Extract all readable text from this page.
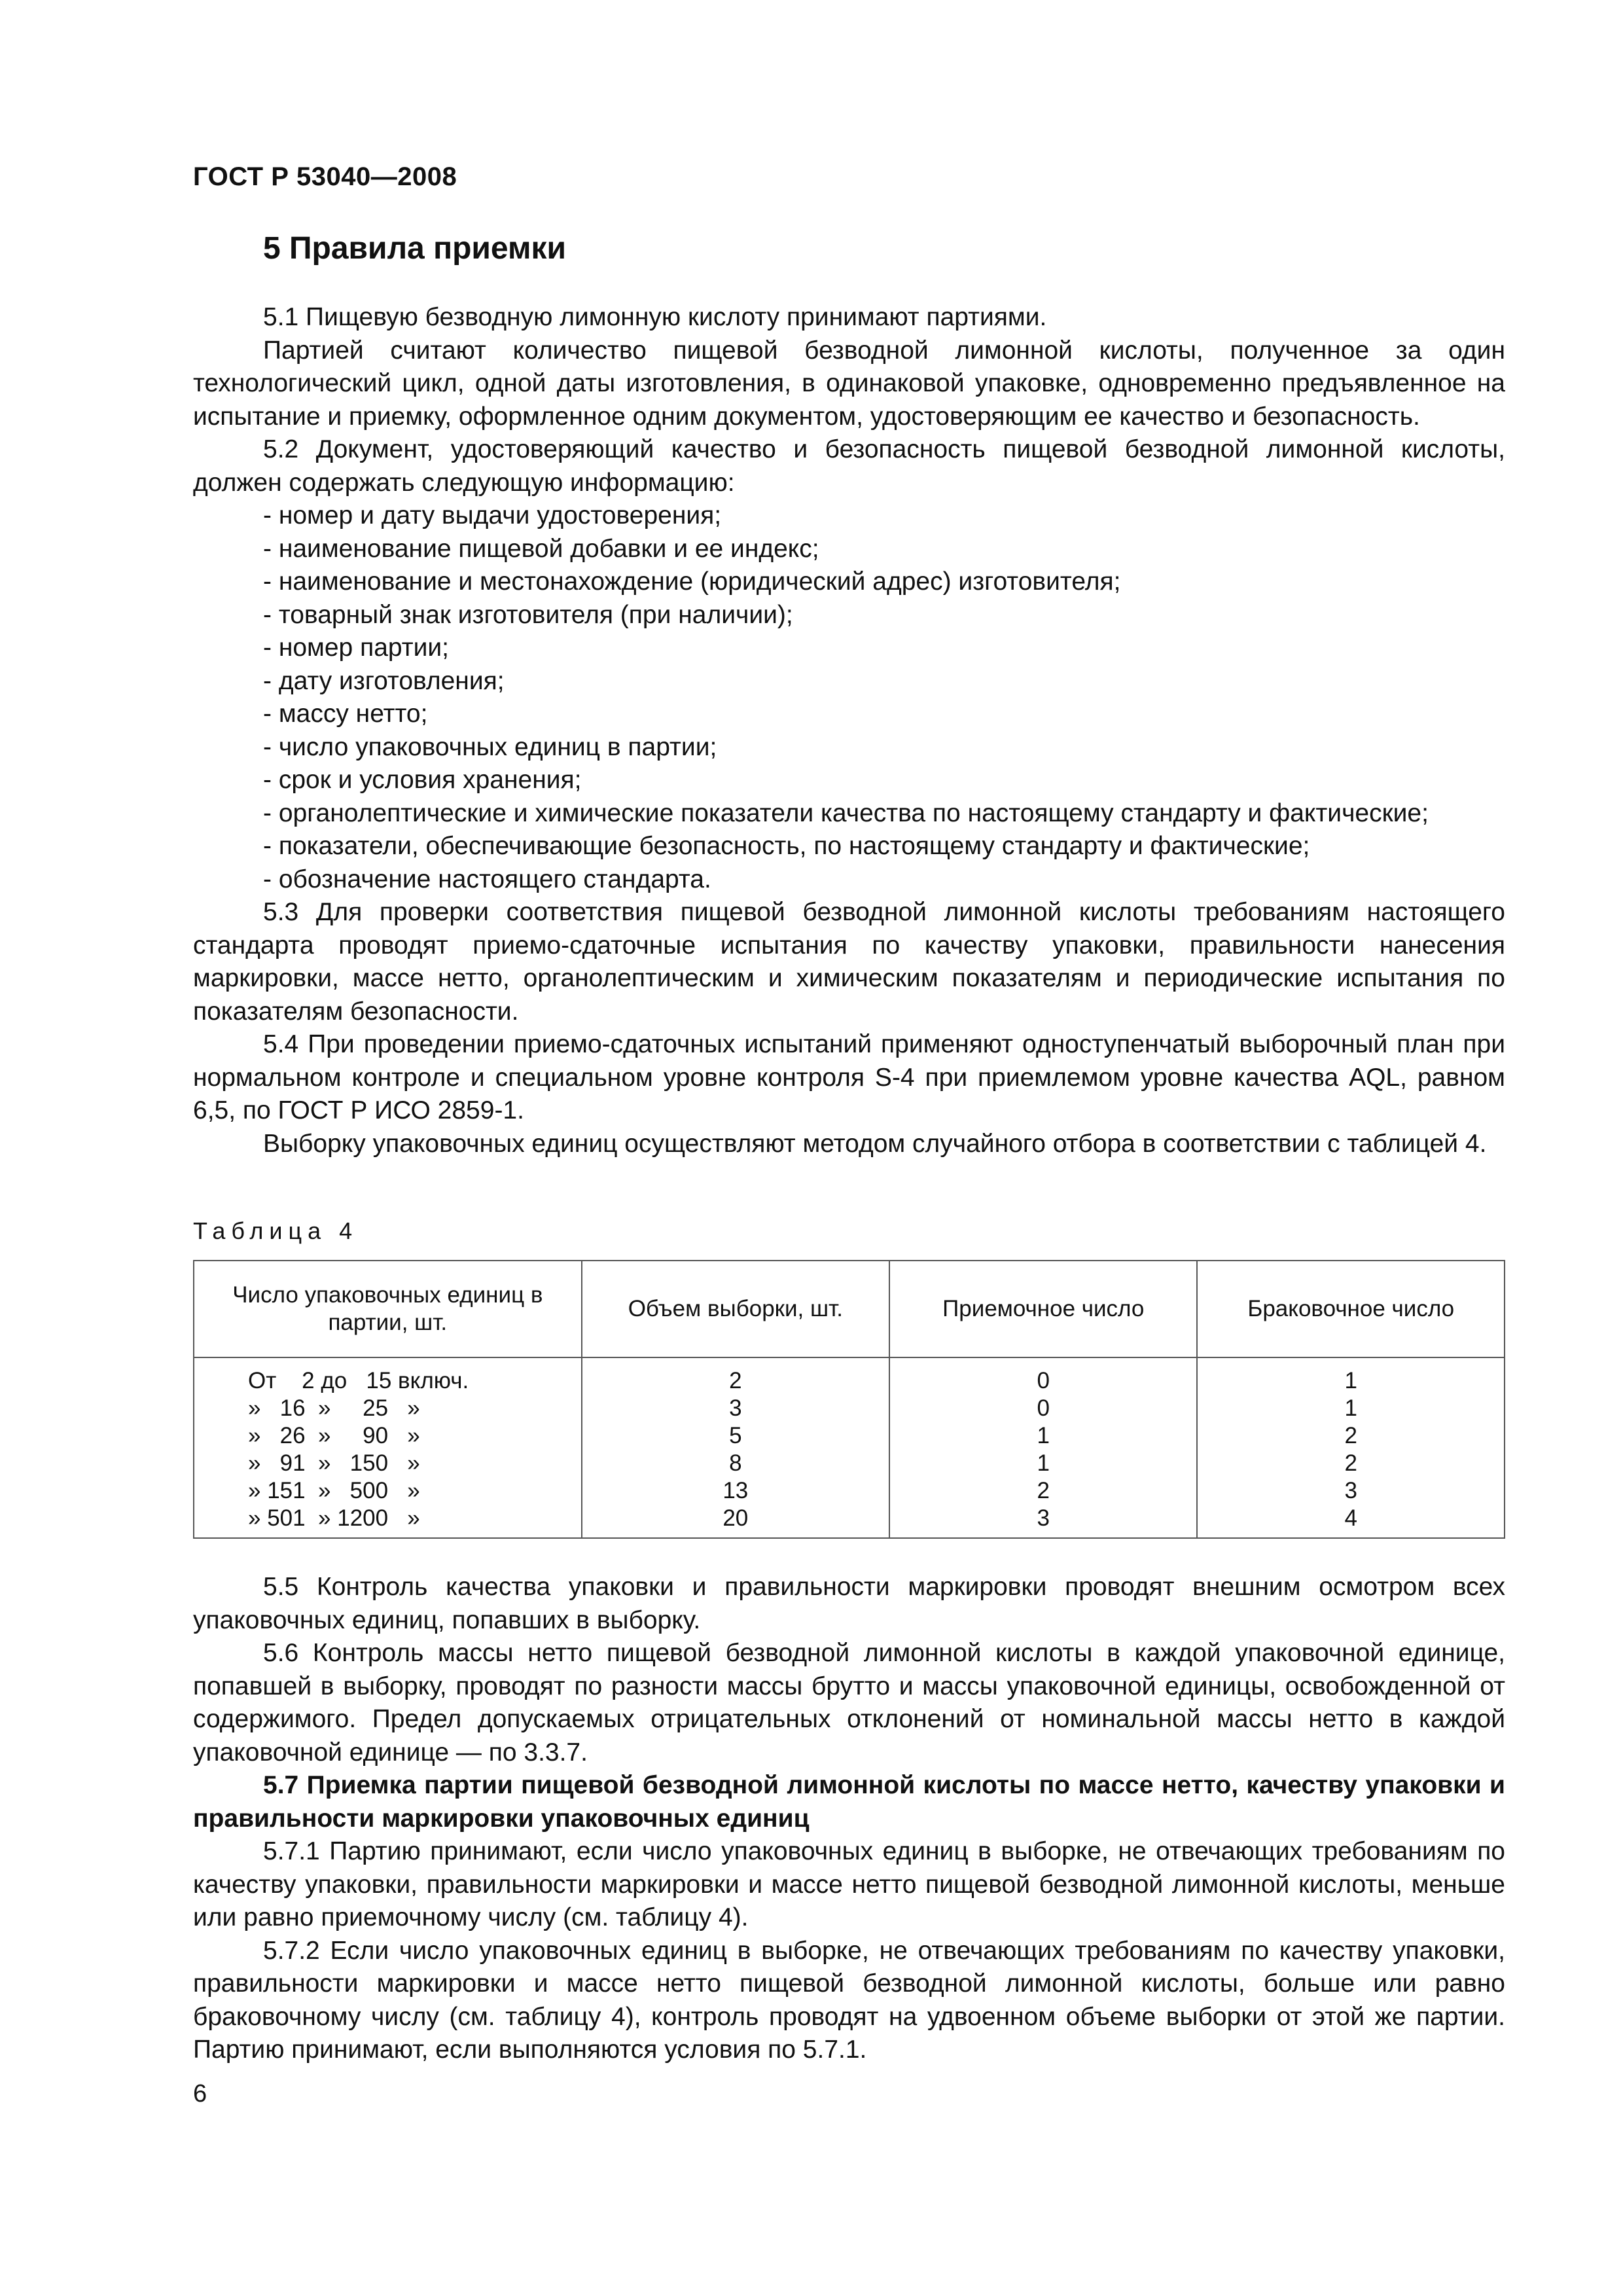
ГОСТ Р 53040—2008
5 Правила приемки

5.1 Пищевую безводную лимонную кислоту принимают партиями.

Партией считают количество пищевой безводной лимонной кислоты, полученное за один технологический цикл, одной даты изготовления, в одинаковой упаковке, одновременно предъявленное на испытание и приемку, оформленное одним документом, удостоверяющим ее качество и безопасность.

5.2 Документ, удостоверяющий качество и безопасность пищевой безводной лимонной кислоты, должен содержать следующую информацию:

- номер и дату выдачи удостоверения;

- наименование пищевой добавки и ее индекс;

- наименование и местонахождение (юридический адрес) изготовителя;

- товарный знак изготовителя (при наличии);

- номер партии;

- дату изготовления;

- массу нетто;

- число упаковочных единиц в партии;

- срок и условия хранения;

- органолептические и химические показатели качества по настоящему стандарту и фактические;

- показатели, обеспечивающие безопасность, по настоящему стандарту и фактические;

- обозначение настоящего стандарта.

5.3 Для проверки соответствия пищевой безводной лимонной кислоты требованиям настоящего стандарта проводят приемо-сдаточные испытания по качеству упаковки, правильности нанесения маркировки, массе нетто, органолептическим и химическим показателям и периодические испытания по показателям безопасности.

5.4 При проведении приемо-сдаточных испытаний применяют одноступенчатый выборочный план при нормальном контроле и специальном уровне контроля S-4 при приемлемом уровне качества AQL, равном 6,5, по ГОСТ Р ИСО 2859-1.

Выборку упаковочных единиц осуществляют методом случайного отбора в соответствии с таблицей 4.

Таблица 4
Число упаковочных единиц в партии, шт.	Объем выборки, шт.	Приемочное число	Браковочное число
От    2 до   15 включ.	2	0	1
»   16  »     25   »	3	0	1
»   26  »     90   »	5	1	2
»   91  »   150   »	8	1	2
» 151  »   500   »	13	2	3
» 501  » 1200   »	20	3	4

5.5 Контроль качества упаковки и правильности маркировки проводят внешним осмотром всех упаковочных единиц, попавших в выборку.

5.6 Контроль массы нетто пищевой безводной лимонной кислоты в каждой упаковочной единице, попавшей в выборку, проводят по разности массы брутто и массы упаковочной единицы, освобожденной от содержимого. Предел допускаемых отрицательных отклонений от номинальной массы нетто в каждой упаковочной единице — по 3.3.7.

5.7 Приемка партии пищевой безводной лимонной кислоты по массе нетто, качеству упаковки и правильности маркировки упаковочных единиц

5.7.1 Партию принимают, если число упаковочных единиц в выборке, не отвечающих требованиям по качеству упаковки, правильности маркировки и массе нетто пищевой безводной лимонной кислоты, меньше или равно приемочному числу (см. таблицу 4).

5.7.2 Если число упаковочных единиц в выборке, не отвечающих требованиям по качеству упаковки, правильности маркировки и массе нетто пищевой безводной лимонной кислоты, больше или равно браковочному числу (см. таблицу 4), контроль проводят на удвоенном объеме выборки от этой же партии. Партию принимают, если выполняются условия по 5.7.1.

6
